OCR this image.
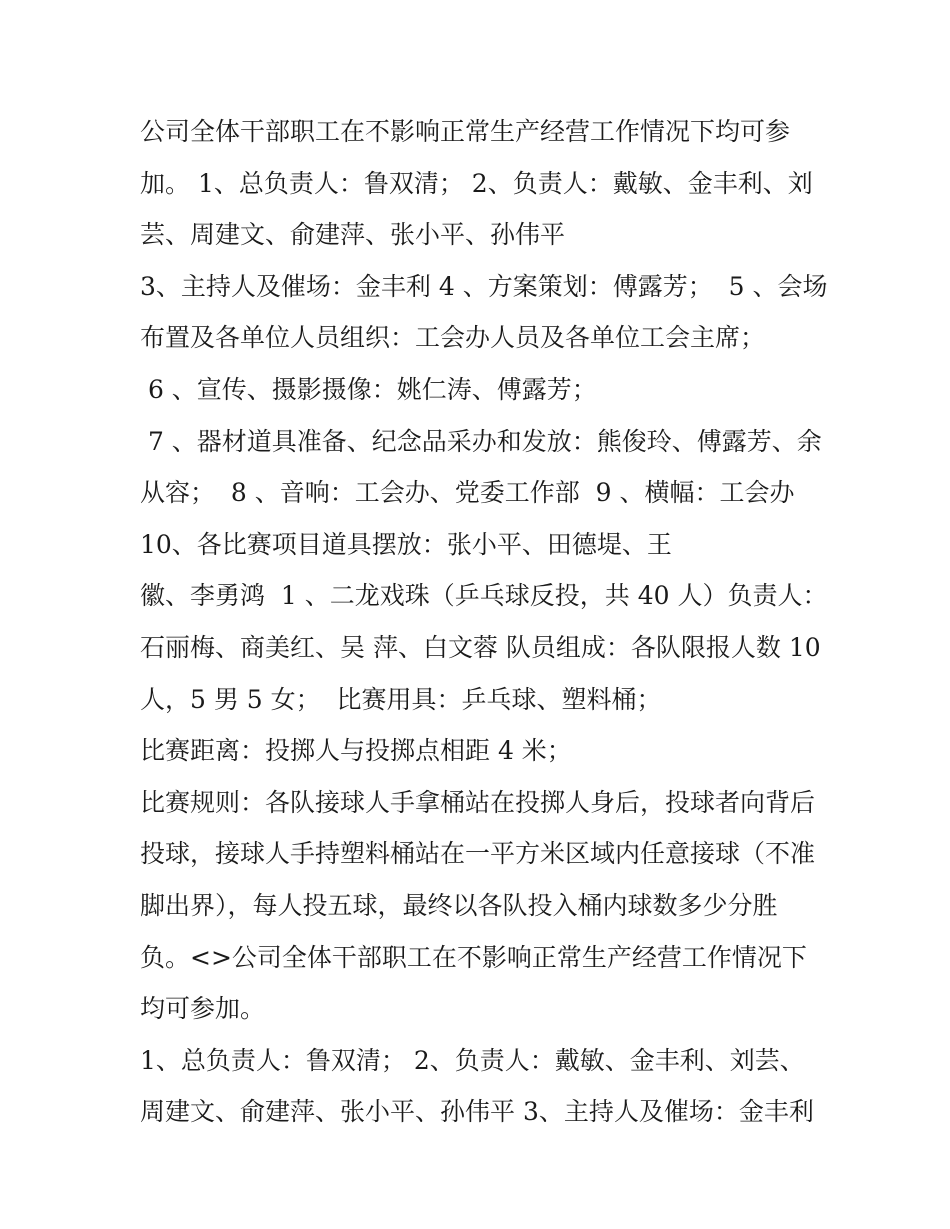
公司全体干部职工在不影响正常生产经营工作情况下均可参
加。 1、总负责人：鲁双清； 2、负责人：戴敏、金丰利、刘
芸、周建文、俞建萍、张小平、孙伟平
3、主持人及催场：金丰利 4 、方案策划：傅露芳；  5 、会场
布置及各单位人员组织：工会办人员及各单位工会主席；
6 、宣传、摄影摄像：姚仁涛、傅露芳；
7 、器材道具准备、纪念品采办和发放：熊俊玲、傅露芳、余
从容；  8 、音响：工会办、党委工作部  9 、横幅：工会办
10、各比赛项目道具摆放：张小平、田德堤、王
徽、李勇鸿  1 、二龙戏珠（乒乓球反投，共 40 人）负责人：
石丽梅、商美红、吴 萍、白文蓉 队员组成：各队限报人数 10
人，5 男 5 女；  比赛用具：乒乓球、塑料桶；
比赛距离：投掷人与投掷点相距 4 米；
比赛规则：各队接球人手拿桶站在投掷人身后，投球者向背后
投球，接球人手持塑料桶站在一平方米区域内任意接球（不准
脚出界），每人投五球，最终以各队投入桶内球数多少分胜
负。<>公司全体干部职工在不影响正常生产经营工作情况下
均可参加。
1、总负责人：鲁双清； 2、负责人：戴敏、金丰利、刘芸、
周建文、俞建萍、张小平、孙伟平 3、主持人及催场：金丰利
